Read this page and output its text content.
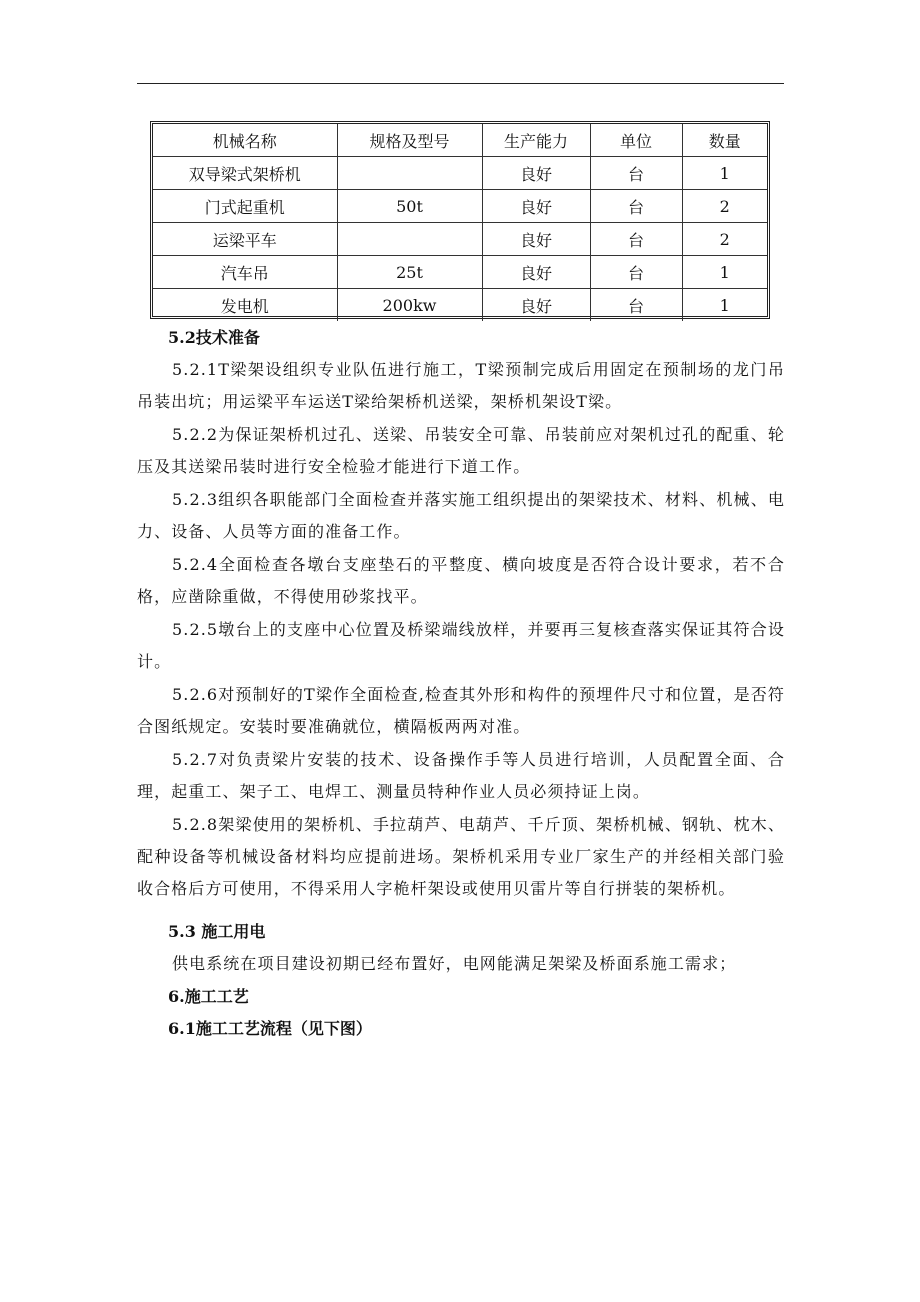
机械名称	规格及型号	生产能力	单位	数量
双导梁式架桥机		良好	台	1
门式起重机	50t	良好	台	2
运梁平车		良好	台	2
汽车吊	25t	良好	台	1
发电机	200kw	良好	台	1

5.2技术准备

5.2.1T梁架设组织专业队伍进行施工，T梁预制完成后用固定在预制场的龙门吊吊装出坑；用运梁平车运送T梁给架桥机送梁，架桥机架设T梁。

5.2.2为保证架桥机过孔、送梁、吊装安全可靠、吊装前应对架机过孔的配重、轮压及其送梁吊装时进行安全检验才能进行下道工作。

5.2.3组织各职能部门全面检查并落实施工组织提出的架梁技术、材料、机械、电力、设备、人员等方面的准备工作。

5.2.4全面检查各墩台支座垫石的平整度、横向坡度是否符合设计要求，若不合格，应凿除重做，不得使用砂浆找平。

5.2.5墩台上的支座中心位置及桥梁端线放样，并要再三复核查落实保证其符合设计。

5.2.6对预制好的T梁作全面检查,检查其外形和构件的预埋件尺寸和位置，是否符合图纸规定。安装时要准确就位，横隔板两两对准。

5.2.7对负责梁片安装的技术、设备操作手等人员进行培训，人员配置全面、合理，起重工、架子工、电焊工、测量员特种作业人员必须持证上岗。

5.2.8架梁使用的架桥机、手拉葫芦、电葫芦、千斤顶、架桥机械、钢轨、枕木、配种设备等机械设备材料均应提前进场。架桥机采用专业厂家生产的并经相关部门验收合格后方可使用，不得采用人字桅杆架设或使用贝雷片等自行拼装的架桥机。

5.3 施工用电

供电系统在项目建设初期已经布置好，电网能满足架梁及桥面系施工需求；

6.施工工艺

6.1施工工艺流程（见下图）
